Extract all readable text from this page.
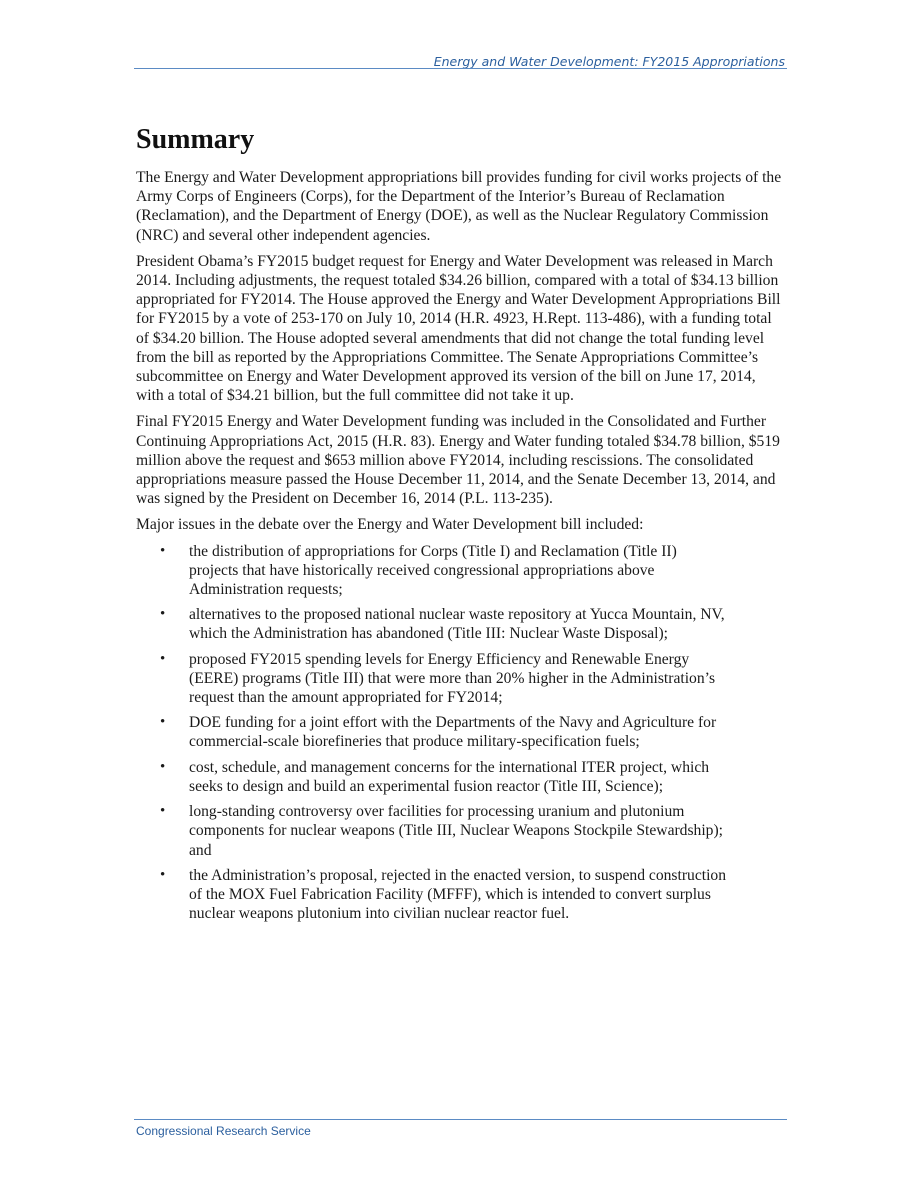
Energy and Water Development: FY2015 Appropriations
Summary

The Energy and Water Development appropriations bill provides funding for civil works projects of the Army Corps of Engineers (Corps), for the Department of the Interior’s Bureau of Reclamation (Reclamation), and the Department of Energy (DOE), as well as the Nuclear Regulatory Commission (NRC) and several other independent agencies.

President Obama’s FY2015 budget request for Energy and Water Development was released in March 2014. Including adjustments, the request totaled $34.26 billion, compared with a total of $34.13 billion appropriated for FY2014. The House approved the Energy and Water Development Appropriations Bill for FY2015 by a vote of 253-170 on July 10, 2014 (H.R. 4923, H.Rept. 113-486), with a funding total of $34.20 billion. The House adopted several amendments that did not change the total funding level from the bill as reported by the Appropriations Committee. The Senate Appropriations Committee’s subcommittee on Energy and Water Development approved its version of the bill on June 17, 2014, with a total of $34.21 billion, but the full committee did not take it up.

Final FY2015 Energy and Water Development funding was included in the Consolidated and Further Continuing Appropriations Act, 2015 (H.R. 83). Energy and Water funding totaled $34.78 billion, $519 million above the request and $653 million above FY2014, including rescissions. The consolidated appropriations measure passed the House December 11, 2014, and the Senate December 13, 2014, and was signed by the President on December 16, 2014 (P.L. 113-235).

Major issues in the debate over the Energy and Water Development bill included:

• the distribution of appropriations for Corps (Title I) and Reclamation (Title II) projects that have historically received congressional appropriations above Administration requests;
• alternatives to the proposed national nuclear waste repository at Yucca Mountain, NV, which the Administration has abandoned (Title III: Nuclear Waste Disposal);
• proposed FY2015 spending levels for Energy Efficiency and Renewable Energy (EERE) programs (Title III) that were more than 20% higher in the Administration’s request than the amount appropriated for FY2014;
• DOE funding for a joint effort with the Departments of the Navy and Agriculture for commercial-scale biorefineries that produce military-specification fuels;
• cost, schedule, and management concerns for the international ITER project, which seeks to design and build an experimental fusion reactor (Title III, Science);
• long-standing controversy over facilities for processing uranium and plutonium components for nuclear weapons (Title III, Nuclear Weapons Stockpile Stewardship); and
• the Administration’s proposal, rejected in the enacted version, to suspend construction of the MOX Fuel Fabrication Facility (MFFF), which is intended to convert surplus nuclear weapons plutonium into civilian nuclear reactor fuel.
Congressional Research Service
